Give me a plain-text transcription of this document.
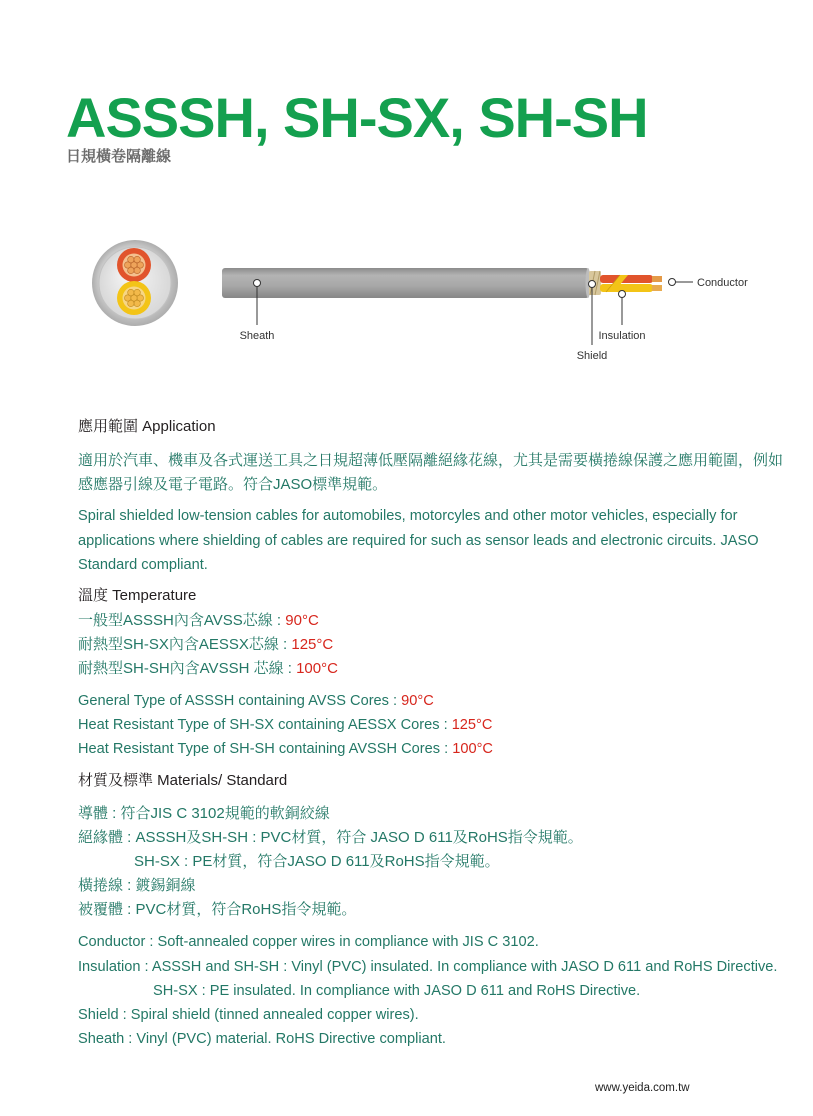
ASSSH, SH-SX, SH-SH
日規橫卷隔離線
Conductor
Sheath
Shield
Insulation
應用範圍 Application
適用於汽車、機車及各式運送工具之日規超薄低壓隔離絕緣花線，尤其是需要橫捲線保護之應用範圍，例如
感應器引線及電子電路。符合JASO標準規範。
Spiral shielded low-tension cables for automobiles, motorcyles and other motor vehicles, especially for
applications where shielding of cables are required for such as sensor leads and electronic circuits. JASO
Standard compliant.
溫度 Temperature
一般型ASSSH內含AVSS芯線 : 90°C
耐熱型SH-SX內含AESSX芯線 : 125°C
耐熱型SH-SH內含AVSSH 芯線 : 100°C
General Type of ASSSH containing AVSS Cores : 90°C
Heat Resistant Type of SH-SX containing AESSX Cores : 125°C
Heat Resistant Type of SH-SH containing AVSSH Cores : 100°C
材質及標準 Materials/ Standard
導體 : 符合JIS C 3102規範的軟銅絞線
絕緣體 : ASSSH及SH-SH : PVC材質，符合 JASO D 611及RoHS指令規範。
SH-SX : PE材質，符合JASO D 611及RoHS指令規範。
橫捲線 : 鍍錫銅線
被覆體 : PVC材質，符合RoHS指令規範。
Conductor : Soft-annealed copper wires in compliance with JIS C 3102.
Insulation : ASSSH and SH-SH : Vinyl (PVC) insulated. In compliance with JASO D 611 and RoHS Directive.
SH-SX : PE insulated. In compliance with JASO D 611 and RoHS Directive.
Shield : Spiral shield (tinned annealed copper wires).
Sheath : Vinyl (PVC) material. RoHS Directive compliant.
www.yeida.com.tw
